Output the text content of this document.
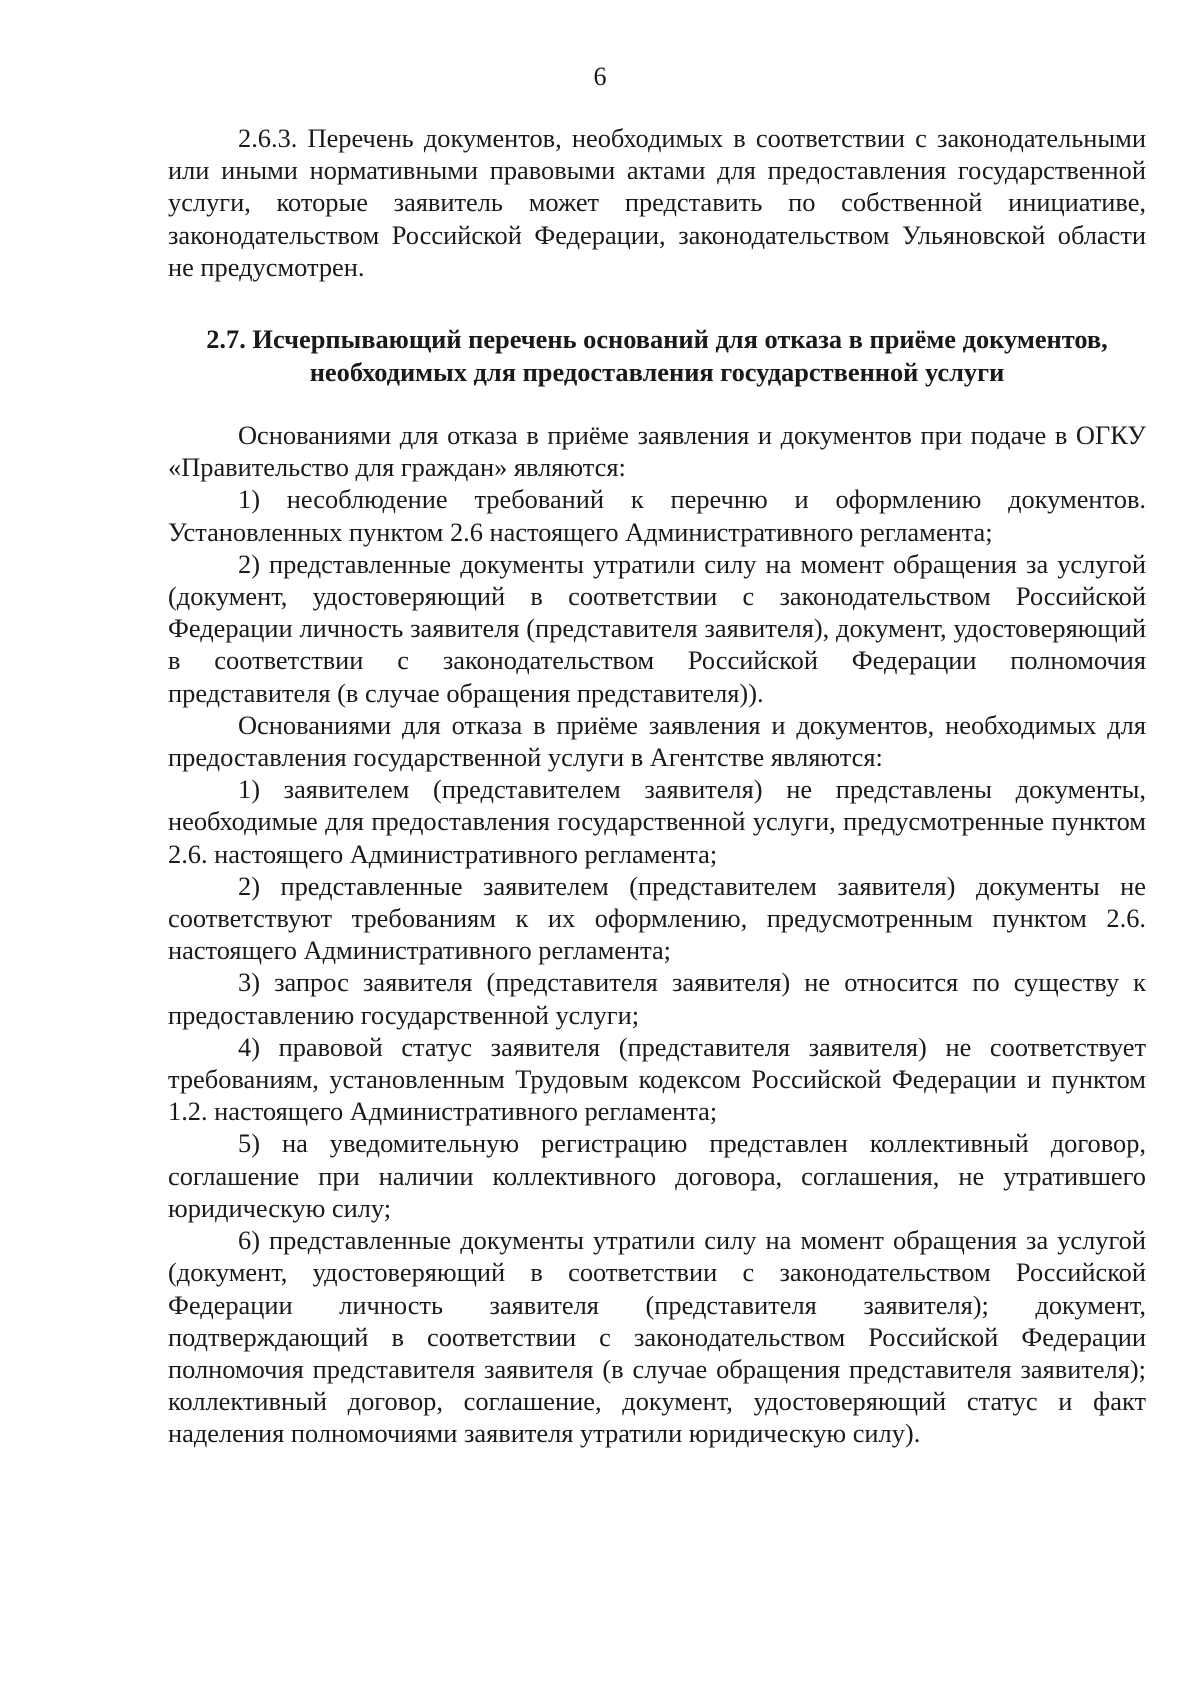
6

2.6.3. Перечень документов, необходимых в соответствии с законодательными или иными нормативными правовыми актами для предоставления государственной услуги, которые заявитель может представить по собственной инициативе, законодательством Российской Федерации, законодательством Ульяновской области не предусмотрен.

2.7. Исчерпывающий перечень оснований для отказа в приёме документов, необходимых для предоставления государственной услуги

Основаниями для отказа в приёме заявления и документов при подаче в ОГКУ «Правительство для граждан» являются:

1) несоблюдение требований к перечню и оформлению документов. Установленных пунктом 2.6 настоящего Административного регламента;

2) представленные документы утратили силу на момент обращения за услугой (документ, удостоверяющий в соответствии с законодательством Российской Федерации личность заявителя (представителя заявителя), документ, удостоверяющий в соответствии с законодательством Российской Федерации полномочия представителя (в случае обращения представителя)).

Основаниями для отказа в приёме заявления и документов, необходимых для предоставления государственной услуги в Агентстве являются:

1) заявителем (представителем заявителя) не представлены документы, необходимые для предоставления государственной услуги, предусмотренные пунктом 2.6. настоящего Административного регламента;

2) представленные заявителем (представителем заявителя) документы не соответствуют требованиям к их оформлению, предусмотренным пунктом 2.6. настоящего Административного регламента;

3) запрос заявителя (представителя заявителя) не относится по существу к предоставлению государственной услуги;

4) правовой статус заявителя (представителя заявителя) не соответствует требованиям, установленным Трудовым кодексом Российской Федерации и пунктом 1.2. настоящего Административного регламента;

5) на уведомительную регистрацию представлен коллективный договор, соглашение при наличии коллективного договора, соглашения, не утратившего юридическую силу;

6) представленные документы утратили силу на момент обращения за услугой (документ, удостоверяющий в соответствии с законодательством Российской Федерации личность заявителя (представителя заявителя); документ, подтверждающий в соответствии с законодательством Российской Федерации полномочия представителя заявителя (в случае обращения представителя заявителя); коллективный договор, соглашение, документ, удостоверяющий статус и факт наделения полномочиями заявителя утратили юридическую силу).
